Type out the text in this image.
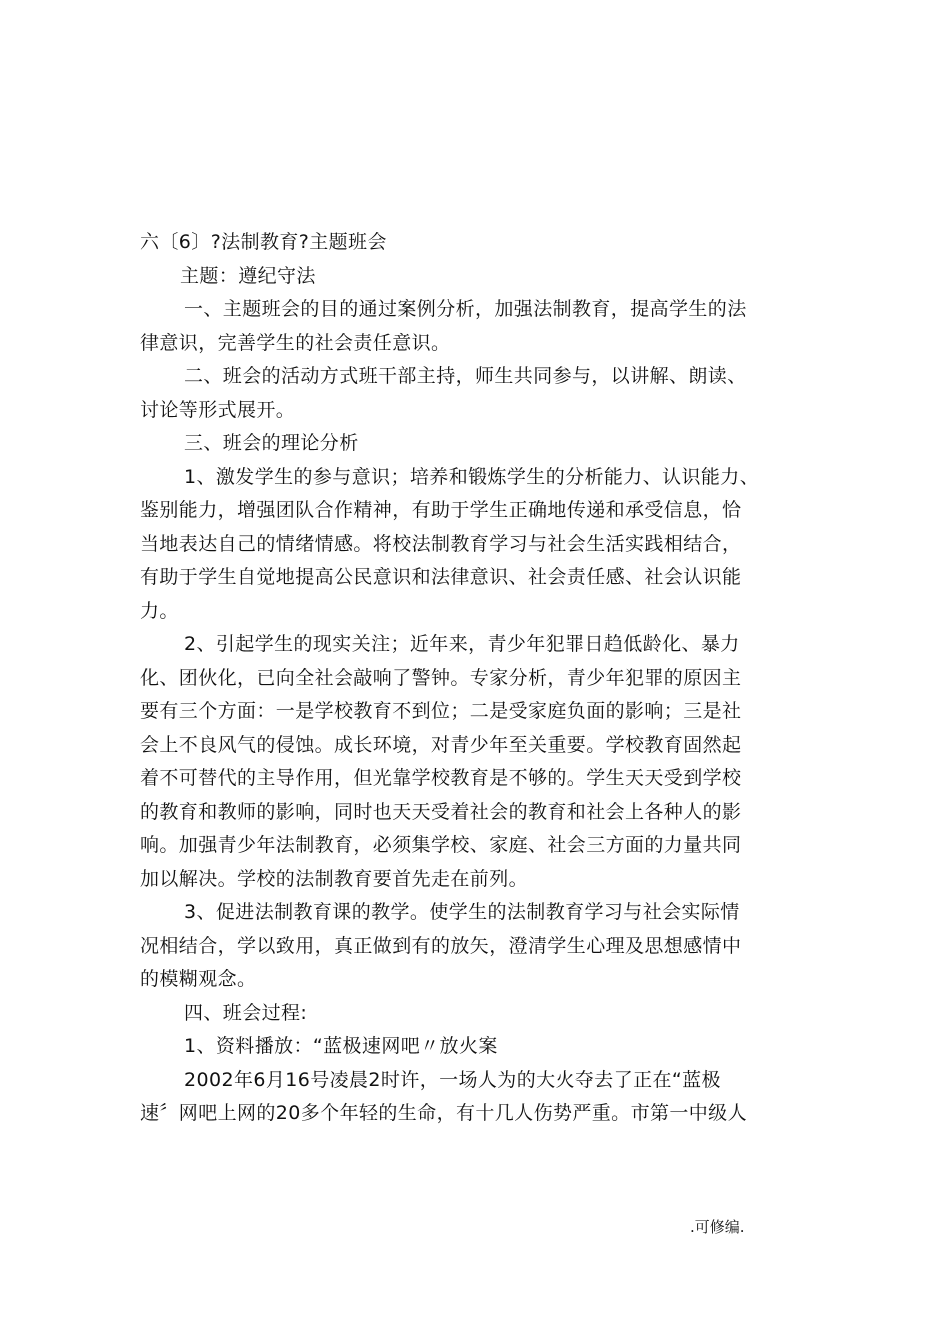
六〔6〕?法制教育?主题班会
主题：遵纪守法
一、主题班会的目的通过案例分析，加强法制教育，提高学生的法
律意识，完善学生的社会责任意识。
二、班会的活动方式班干部主持，师生共同参与，以讲解、朗读、
讨论等形式展开。
三、班会的理论分析
1、激发学生的参与意识；培养和锻炼学生的分析能力、认识能力、
鉴别能力，增强团队合作精神，有助于学生正确地传递和承受信息，恰
当地表达自己的情绪情感。将校法制教育学习与社会生活实践相结合，
有助于学生自觉地提高公民意识和法律意识、社会责任感、社会认识能
力。
2、引起学生的现实关注；近年来，青少年犯罪日趋低龄化、暴力
化、团伙化，已向全社会敲响了警钟。专家分析，青少年犯罪的原因主
要有三个方面：一是学校教育不到位；二是受家庭负面的影响；三是社
会上不良风气的侵蚀。成长环境，对青少年至关重要。学校教育固然起
着不可替代的主导作用，但光靠学校教育是不够的。学生天天受到学校
的教育和教师的影响，同时也天天受着社会的教育和社会上各种人的影
响。加强青少年法制教育，必须集学校、家庭、社会三方面的力量共同
加以解决。学校的法制教育要首先走在前列。
3、促进法制教育课的教学。使学生的法制教育学习与社会实际情
况相结合，学以致用，真正做到有的放矢，澄清学生心理及思想感情中
的模糊观念。
四、班会过程:
1、资料播放：“蓝极速网吧〃放火案
2002年6月16号凌晨2时许，一场人为的大火夺去了正在“蓝极
速〞网吧上网的20多个年轻的生命，有十几人伤势严重。市第一中级人
.可修编.
